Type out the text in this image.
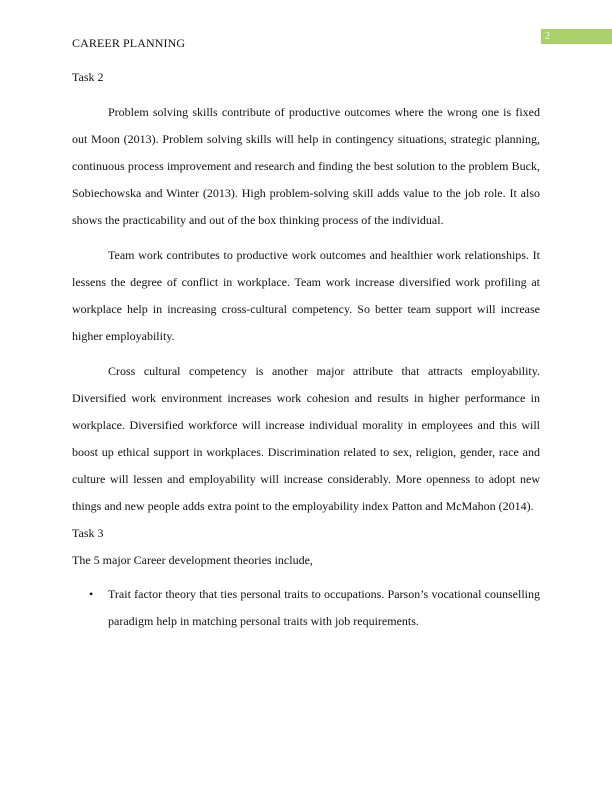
2
CAREER PLANNING

Task 2

Problem solving skills contribute of productive outcomes where the wrong one is fixed out Moon (2013). Problem solving skills will help in contingency situations, strategic planning, continuous process improvement and research and finding the best solution to the problem Buck, Sobiechowska and Winter (2013). High problem-solving skill adds value to the job role. It also shows the practicability and out of the box thinking process of the individual.

Team work contributes to productive work outcomes and healthier work relationships. It lessens the degree of conflict in workplace. Team work increase diversified work profiling at workplace help in increasing cross-cultural competency. So better team support will increase higher employability.

Cross cultural competency is another major attribute that attracts employability. Diversified work environment increases work cohesion and results in higher performance in workplace. Diversified workforce will increase individual morality in employees and this will boost up ethical support in workplaces. Discrimination related to sex, religion, gender, race and culture will lessen and employability will increase considerably. More openness to adopt new things and new people adds extra point to the employability index Patton and McMahon (2014).

Task 3

The 5 major Career development theories include,

• Trait factor theory that ties personal traits to occupations. Parson’s vocational counselling paradigm help in matching personal traits with job requirements.
